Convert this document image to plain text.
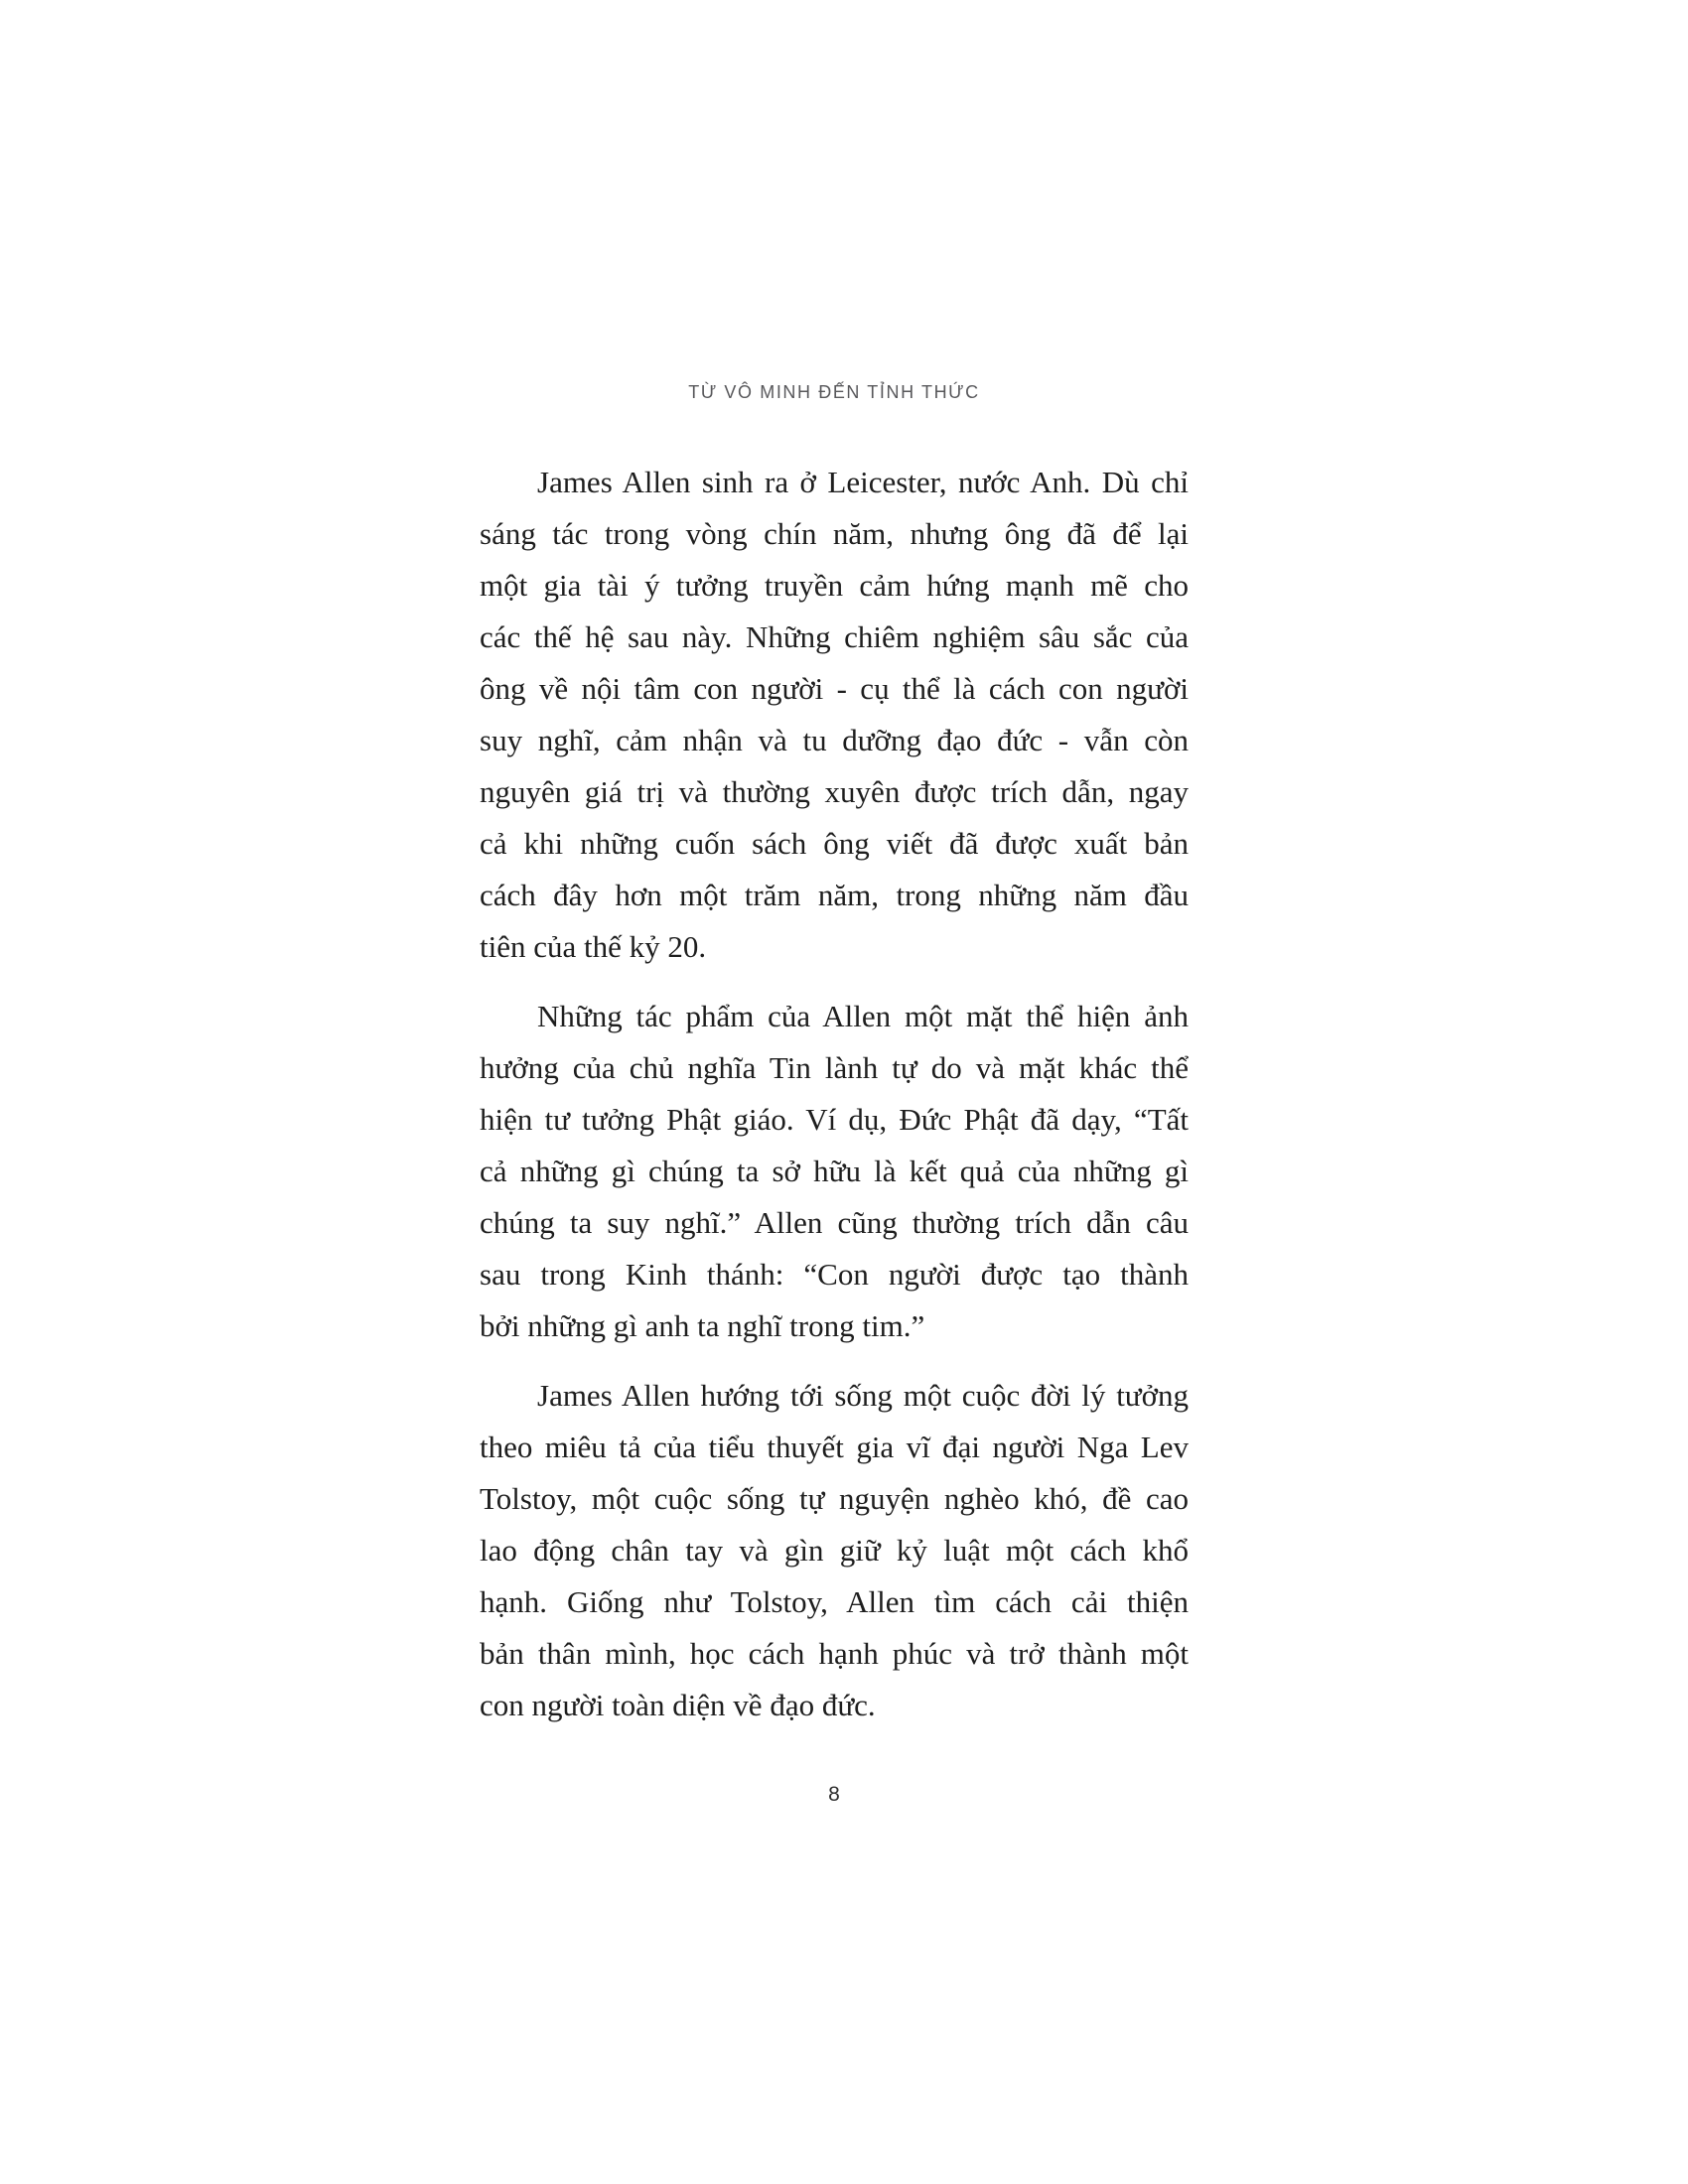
TỪ VÔ MINH ĐẾN TỈNH THỨC
James Allen sinh ra ở Leicester, nước Anh. Dù chỉ
sáng tác trong vòng chín năm, nhưng ông đã để lại
một gia tài ý tưởng truyền cảm hứng mạnh mẽ cho
các thế hệ sau này. Những chiêm nghiệm sâu sắc của
ông về nội tâm con người - cụ thể là cách con người
suy nghĩ, cảm nhận và tu dưỡng đạo đức - vẫn còn
nguyên giá trị và thường xuyên được trích dẫn, ngay
cả khi những cuốn sách ông viết đã được xuất bản
cách đây hơn một trăm năm, trong những năm đầu
tiên của thế kỷ 20.
Những tác phẩm của Allen một mặt thể hiện ảnh
hưởng của chủ nghĩa Tin lành tự do và mặt khác thể
hiện tư tưởng Phật giáo. Ví dụ, Đức Phật đã dạy, “Tất
cả những gì chúng ta sở hữu là kết quả của những gì
chúng ta suy nghĩ.” Allen cũng thường trích dẫn câu
sau trong Kinh thánh: “Con người được tạo thành
bởi những gì anh ta nghĩ trong tim.”
James Allen hướng tới sống một cuộc đời lý tưởng
theo miêu tả của tiểu thuyết gia vĩ đại người Nga Lev
Tolstoy, một cuộc sống tự nguyện nghèo khó, đề cao
lao động chân tay và gìn giữ kỷ luật một cách khổ
hạnh. Giống như Tolstoy, Allen tìm cách cải thiện
bản thân mình, học cách hạnh phúc và trở thành một
con người toàn diện về đạo đức.
8
